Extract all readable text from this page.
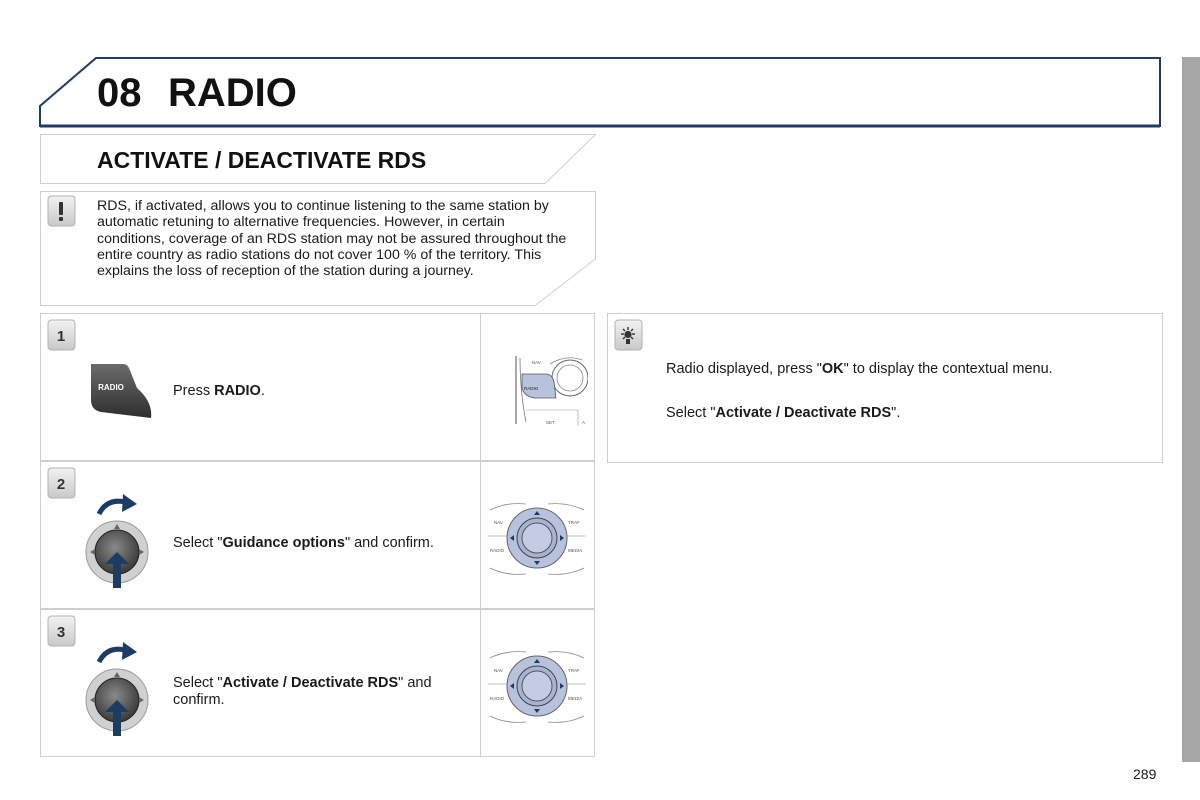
08 RADIO
ACTIVATE / DEACTIVATE RDS
RDS, if activated, allows you to continue listening to the same station by automatic retuning to alternative frequencies. However, in certain conditions, coverage of an RDS station may not be assured throughout the entire country as radio stations do not cover 100 % of the territory. This explains the loss of reception of the station during a journey.
1
RADIO	Press RADIO.
NAV
RADIO
SET	A
2
Select "Guidance options" and confirm.
NAV	TRAF
RADIO	MEDIA
3
Select "Activate / Deactivate RDS" and
confirm.
NAV	TRAF
RADIO	MEDIA
Radio displayed, press "OK" to display the contextual menu.
Select "Activate / Deactivate RDS".
289
